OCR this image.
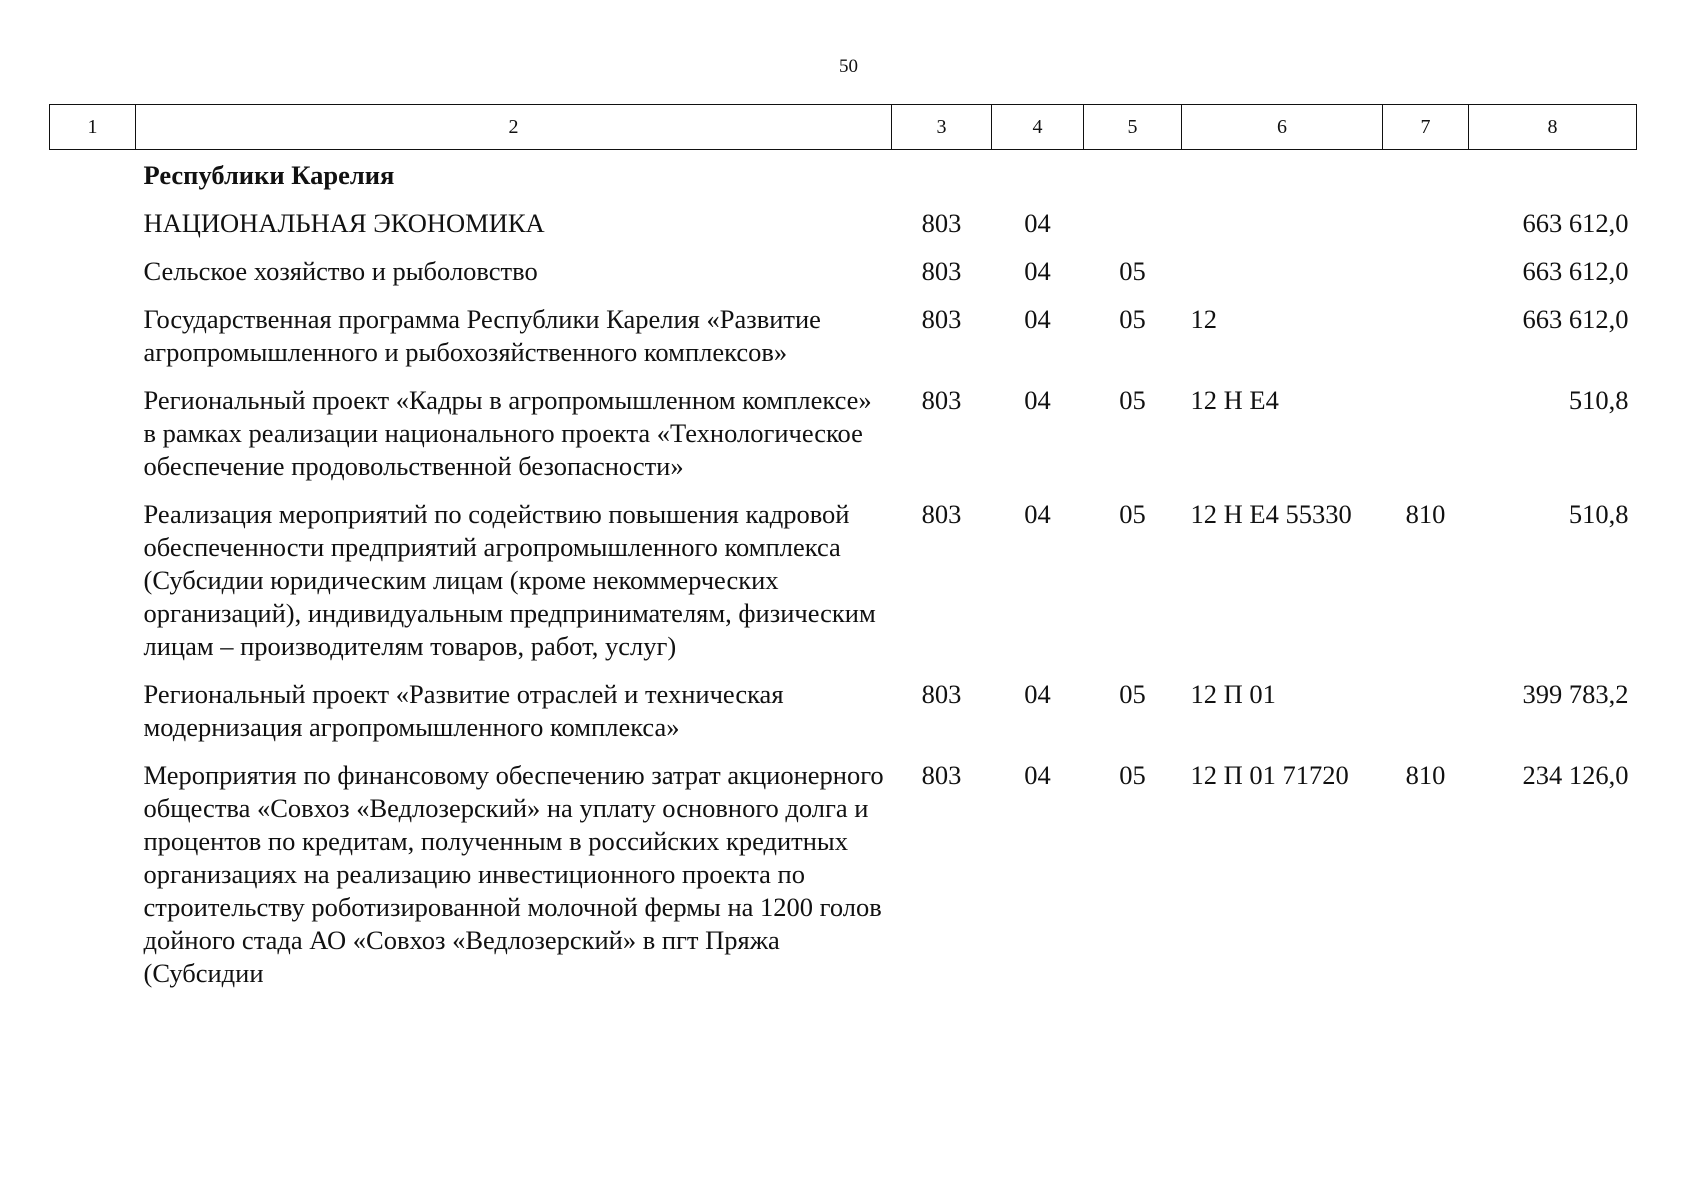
50
1	2	3	4	5	6	7	8
	Республики Карелия						
	НАЦИОНАЛЬНАЯ ЭКОНОМИКА	803	04				663 612,0
	Сельское хозяйство и рыболовство	803	04	05			663 612,0
	Государственная программа Республики Карелия «Развитие агропромышленного и рыбохозяйственного комплексов»	803	04	05	12		663 612,0
	Региональный проект «Кадры в агропромышленном комплексе» в рамках реализации национального проекта «Технологическое обеспечение продовольственной безопасности»	803	04	05	12 Н Е4		510,8
	Реализация мероприятий по содействию повышения кадровой обеспеченности предприятий агропромышленного комплекса (Субсидии юридическим лицам (кроме некоммерческих организаций), индивидуальным предпринимателям, физическим лицам – производителям товаров, работ, услуг)	803	04	05	12 Н Е4 55330	810	510,8
	Региональный проект «Развитие отраслей и техническая модернизация агропромышленного комплекса»	803	04	05	12 П 01		399 783,2
	Мероприятия по финансовому обеспечению затрат акционерного общества «Совхоз «Ведлозерский» на уплату основного долга и процентов по кредитам, полученным в российских кредитных организациях на реализацию инвестиционного проекта по строительству роботизированной молочной фермы на 1200 голов дойного стада АО «Совхоз «Ведлозерский» в пгт Пряжа (Субсидии	803	04	05	12 П 01 71720	810	234 126,0
